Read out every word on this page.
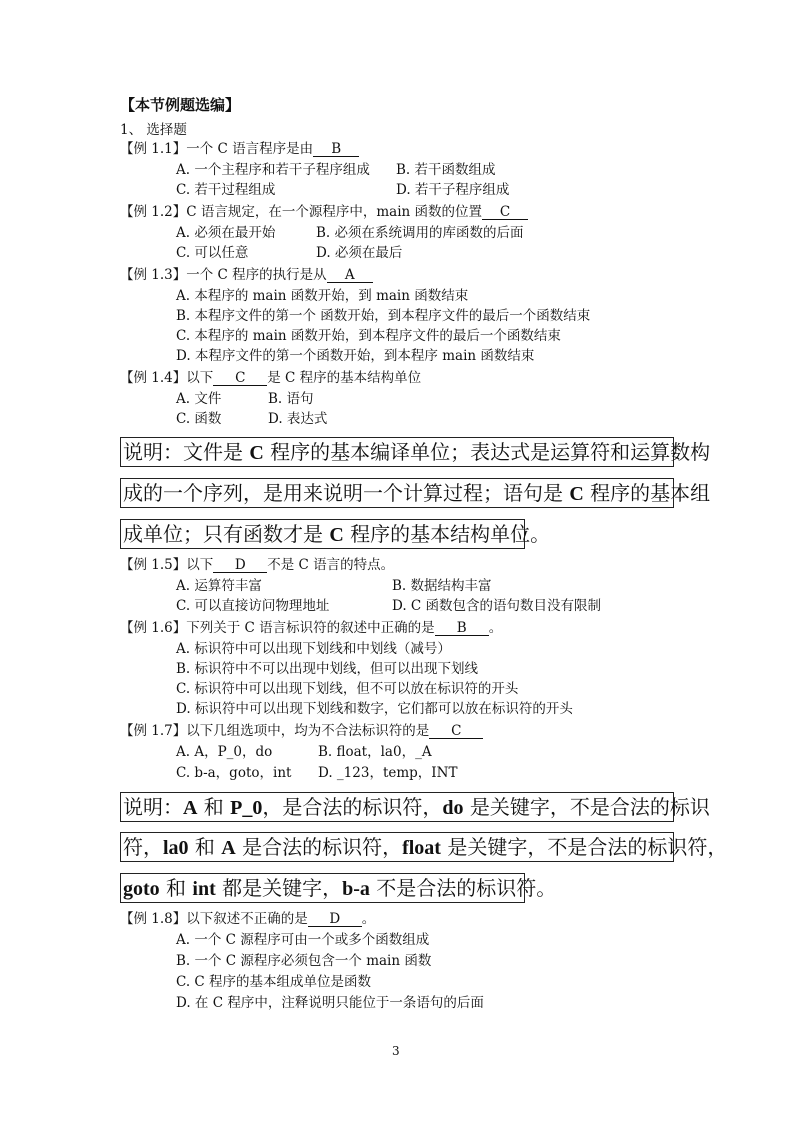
【本节例题选编】
1、 选择题
【例 1.1】一个 C 语言程序是由 B
A. 一个主程序和若干子程序组成 B. 若干函数组成
C. 若干过程组成	D. 若干子程序组成
【例 1.2】C 语言规定，在一个源程序中，main 函数的位置 C
A. 必须在最开始	B. 必须在系统调用的库函数的后面
C. 可以任意	D. 必须在最后
【例 1.3】一个 C 程序的执行是从 A
A. 本程序的 main 函数开始，到 main 函数结束
B. 本程序文件的第一个 函数开始，到本程序文件的最后一个函数结束
C. 本程序的 main 函数开始，到本程序文件的最后一个函数结束
D. 本程序文件的第一个函数开始，到本程序 main 函数结束
【例 1.4】以下 C 是 C 程序的基本结构单位
A. 文件	B. 语句
C. 函数	D. 表达式
说明：文件是 C 程序的基本编译单位；表达式是运算符和运算数构
成的一个序列，是用来说明一个计算过程；语句是 C 程序的基本组
成单位；只有函数才是 C 程序的基本结构单位。
【例 1.5】以下 D 不是 C 语言的特点。
A. 运算符丰富	B. 数据结构丰富
C. 可以直接访问物理地址	D. C 函数包含的语句数目没有限制
【例 1.6】下列关于 C 语言标识符的叙述中正确的是 B 。
A. 标识符中可以出现下划线和中划线（减号）
B. 标识符中不可以出现中划线，但可以出现下划线
C. 标识符中可以出现下划线，但不可以放在标识符的开头
D. 标识符中可以出现下划线和数字，它们都可以放在标识符的开头
【例 1.7】以下几组选项中，均为不合法标识符的是 C
A. A，P_0，do	B. float，la0，_A
C. b-a，goto，int D. _123，temp，INT
说明：A 和 P_0，是合法的标识符，do 是关键字，不是合法的标识
符，la0 和 A 是合法的标识符，float 是关键字，不是合法的标识符，
goto 和 int 都是关键字，b-a 不是合法的标识符。
【例 1.8】以下叙述不正确的是 D 。
A. 一个 C 源程序可由一个或多个函数组成
B. 一个 C 源程序必须包含一个 main 函数
C. C 程序的基本组成单位是函数
D. 在 C 程序中，注释说明只能位于一条语句的后面
3
